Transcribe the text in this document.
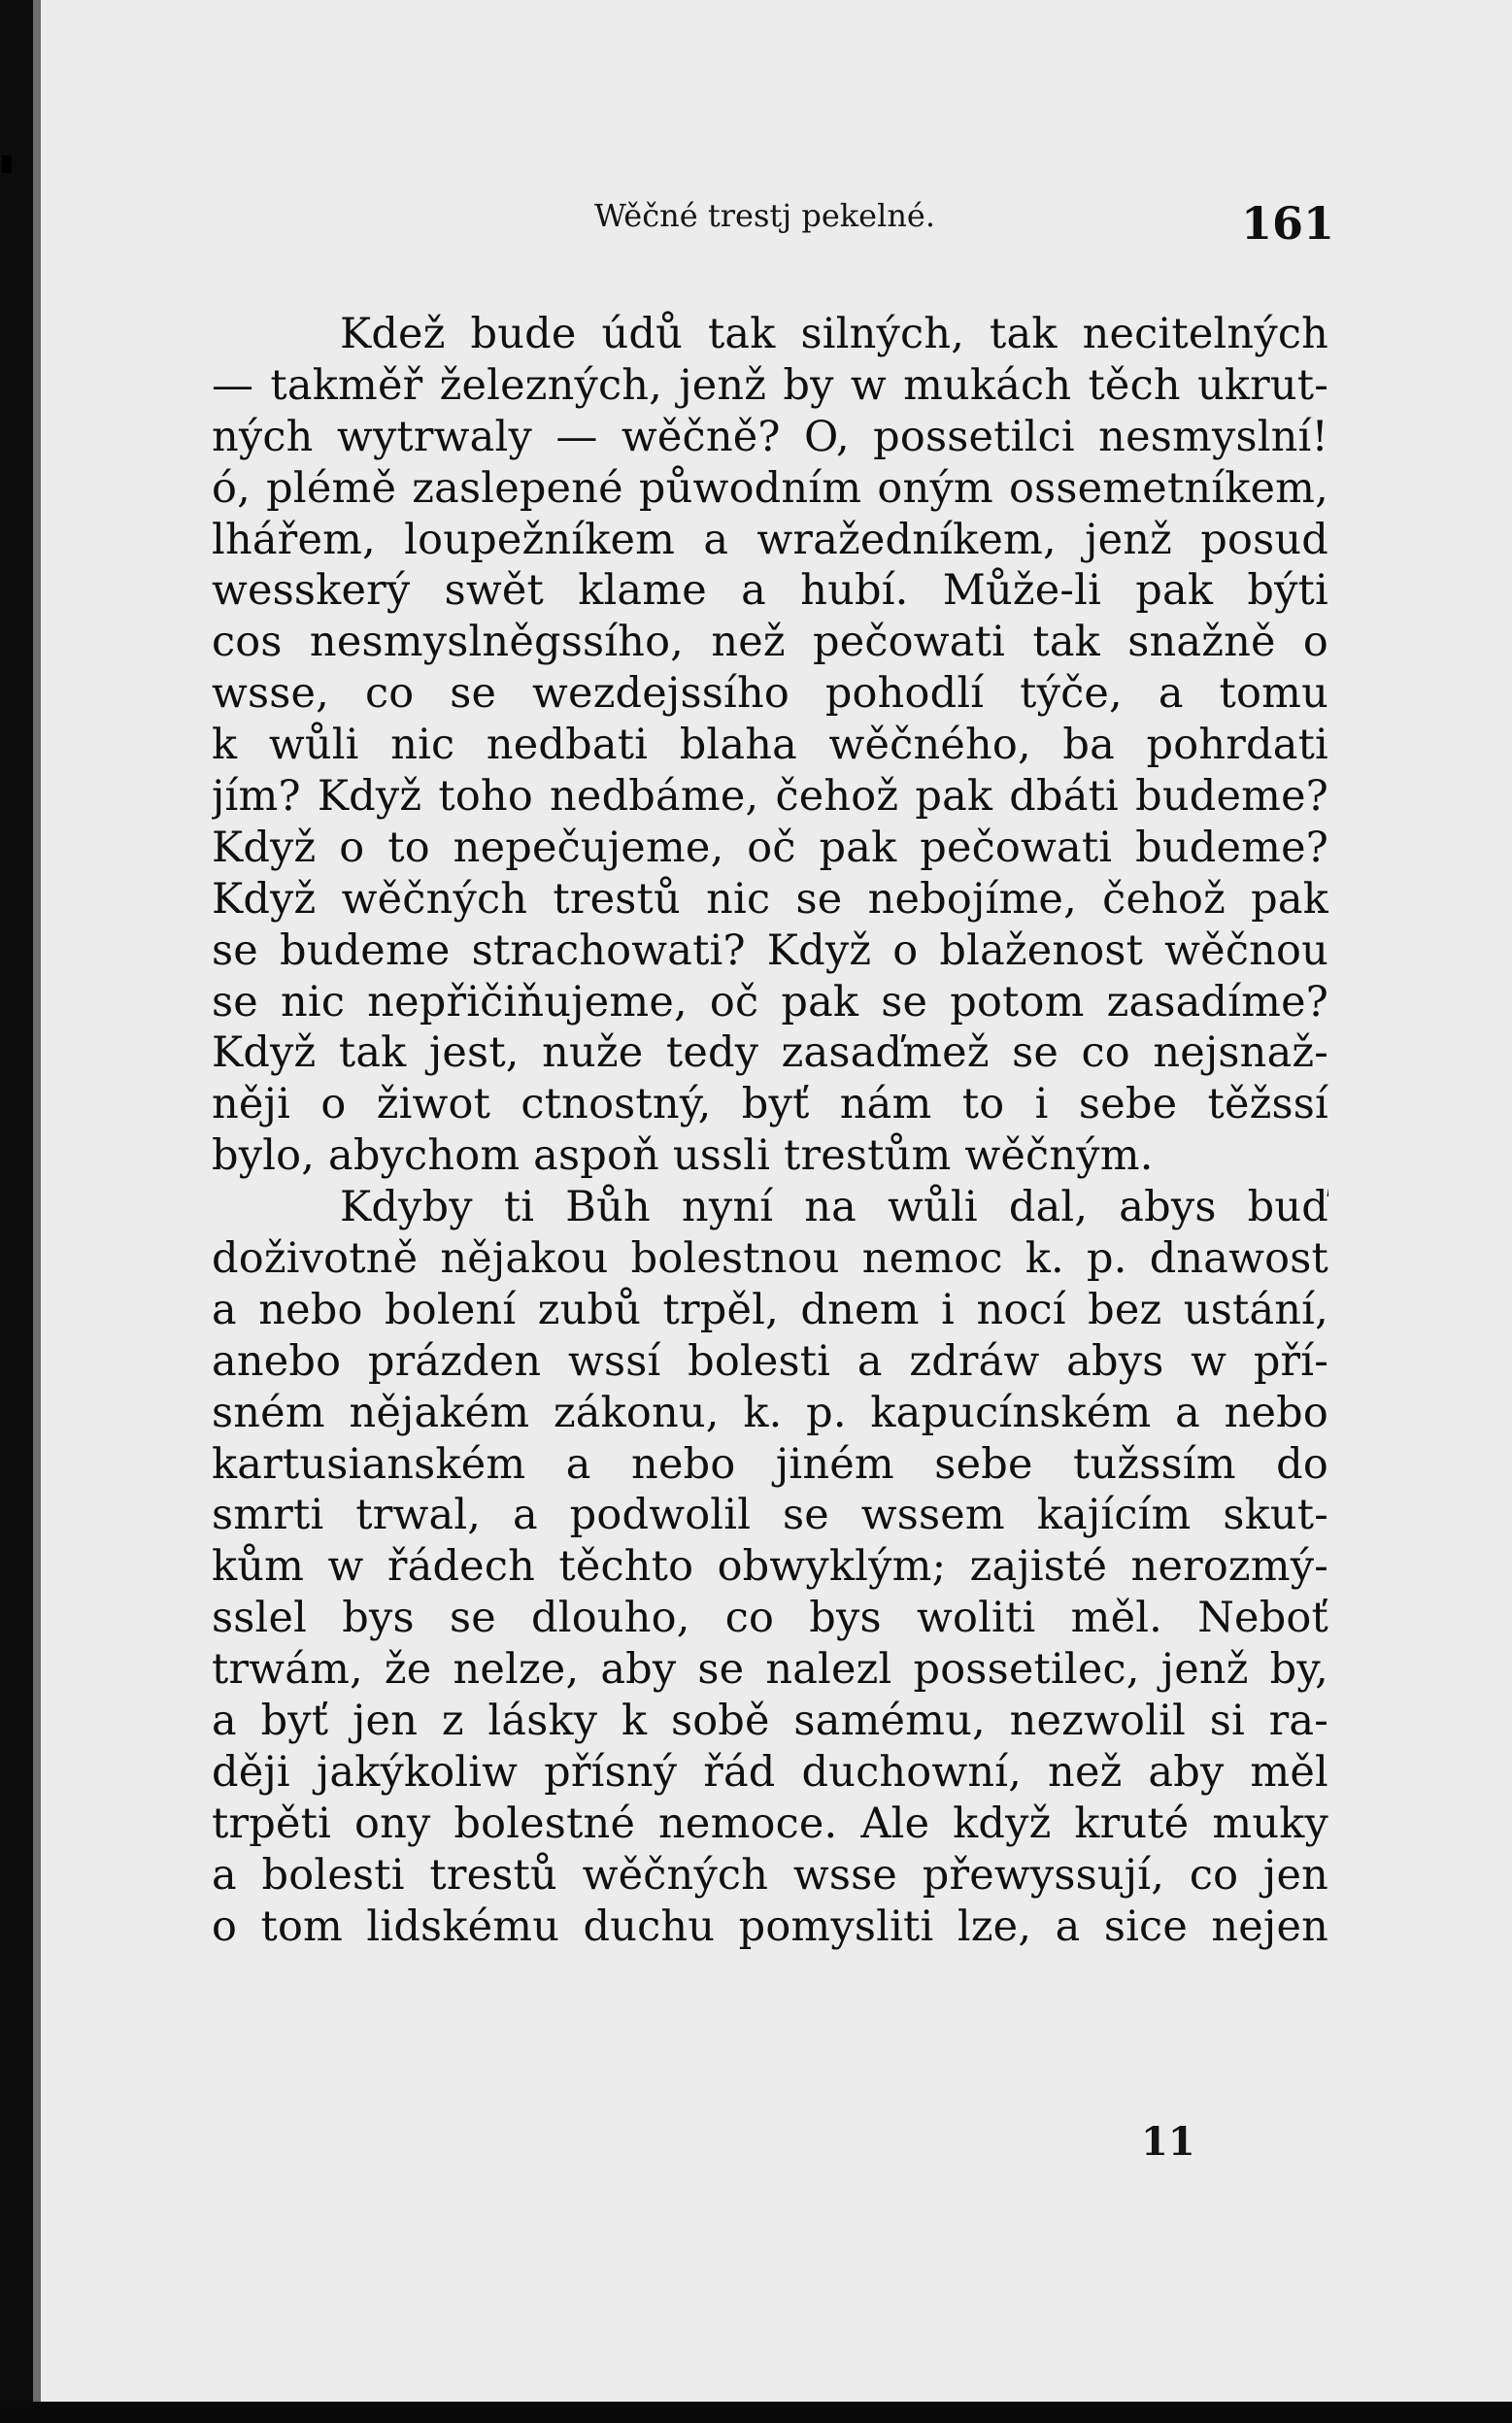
Wěčné trestj pekelné.	161
Kdež bude údů tak silných, tak necitelných
— takměř železných, jenž by w mukách těch ukrut-
ných wytrwaly — wěčně? O, possetilci nesmyslní!
ó, plémě zaslepené půwodním oným ossemetníkem,
lhářem, loupežníkem a wražedníkem, jenž posud
wesskerý swět klame a hubí. Může-li pak býti
cos nesmyslněgssího, než pečowati tak snažně o
wsse, co se wezdejssího pohodlí týče, a tomu
k wůli nic nedbati blaha wěčného, ba pohrdati
jím? Když toho nedbáme, čehož pak dbáti budeme?
Když o to nepečujeme, oč pak pečowati budeme?
Když wěčných trestů nic se nebojíme, čehož pak
se budeme strachowati? Když o blaženost wěčnou
se nic nepřičiňujeme, oč pak se potom zasadíme?
Když tak jest, nuže tedy zasaďmež se co nejsnaž-
něji o žiwot ctnostný, byť nám to i sebe těžssí
bylo, abychom aspoň ussli trestům wěčným.
Kdyby ti Bůh nyní na wůli dal, abys buď
doživotně nějakou bolestnou nemoc k. p. dnawost
a nebo bolení zubů trpěl, dnem i nocí bez ustání,
anebo prázden wssí bolesti a zdráw abys w pří-
sném nějakém zákonu, k. p. kapucínském a nebo
kartusianském a nebo jiném sebe tužssím do
smrti trwal, a podwolil se wssem kajícím skut-
kům w řádech těchto obwyklým; zajisté nerozmý-
sslel bys se dlouho, co bys woliti měl. Neboť
trwám, že nelze, aby se nalezl possetilec, jenž by,
a byť jen z lásky k sobě samému, nezwolil si ra-
ději jakýkoliw přísný řád duchowní, než aby měl
trpěti ony bolestné nemoce. Ale když kruté muky
a bolesti trestů wěčných wsse přewyssují, co jen
o tom lidskému duchu pomysliti lze, a sice nejen
11
